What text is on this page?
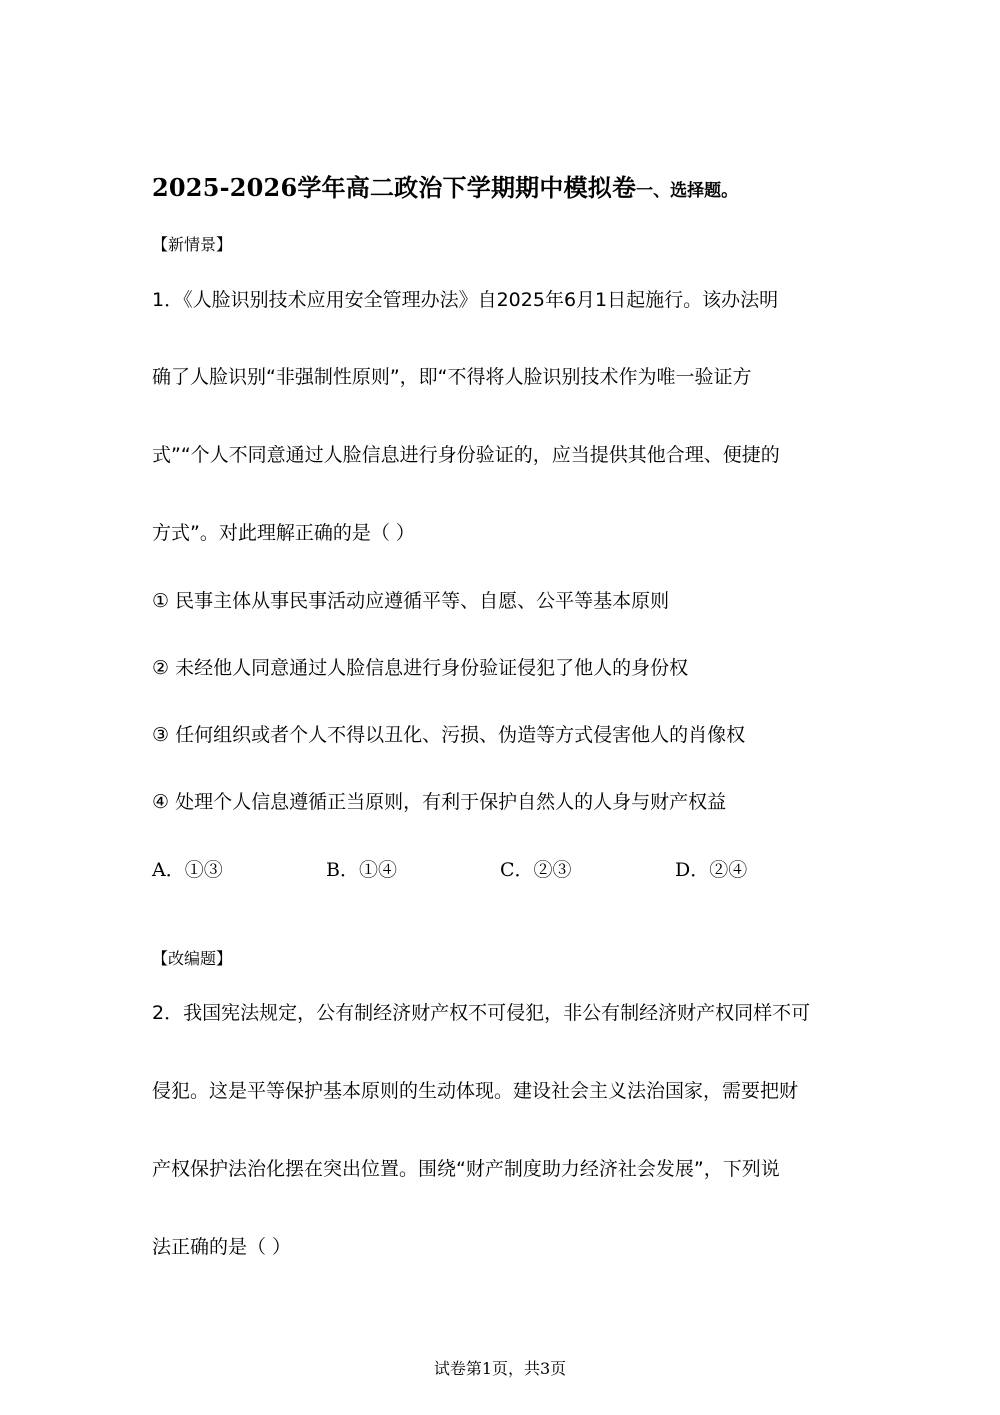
2025-2026学年高二政治下学期期中模拟卷一、选择题。
【新情景】
1．《人脸识别技术应用安全管理办法》自2025年6月1日起施行。该办法明
确了人脸识别“非强制性原则”，即“不得将人脸识别技术作为唯一验证方
式”“个人不同意通过人脸信息进行身份验证的，应当提供其他合理、便捷的
方式”。对此理解正确的是（ ）
① 民事主体从事民事活动应遵循平等、自愿、公平等基本原则
② 未经他人同意通过人脸信息进行身份验证侵犯了他人的身份权
③ 任何组织或者个人不得以丑化、污损、伪造等方式侵害他人的肖像权
④ 处理个人信息遵循正当原则，有利于保护自然人的人身与财产权益
A．①③	B．①④	C．②③	D．②④
【改编题】
2．我国宪法规定，公有制经济财产权不可侵犯，非公有制经济财产权同样不可
侵犯。这是平等保护基本原则的生动体现。建设社会主义法治国家，需要把财
产权保护法治化摆在突出位置。围绕“财产制度助力经济社会发展”，下列说
法正确的是（ ）
试卷第1页，共3页
